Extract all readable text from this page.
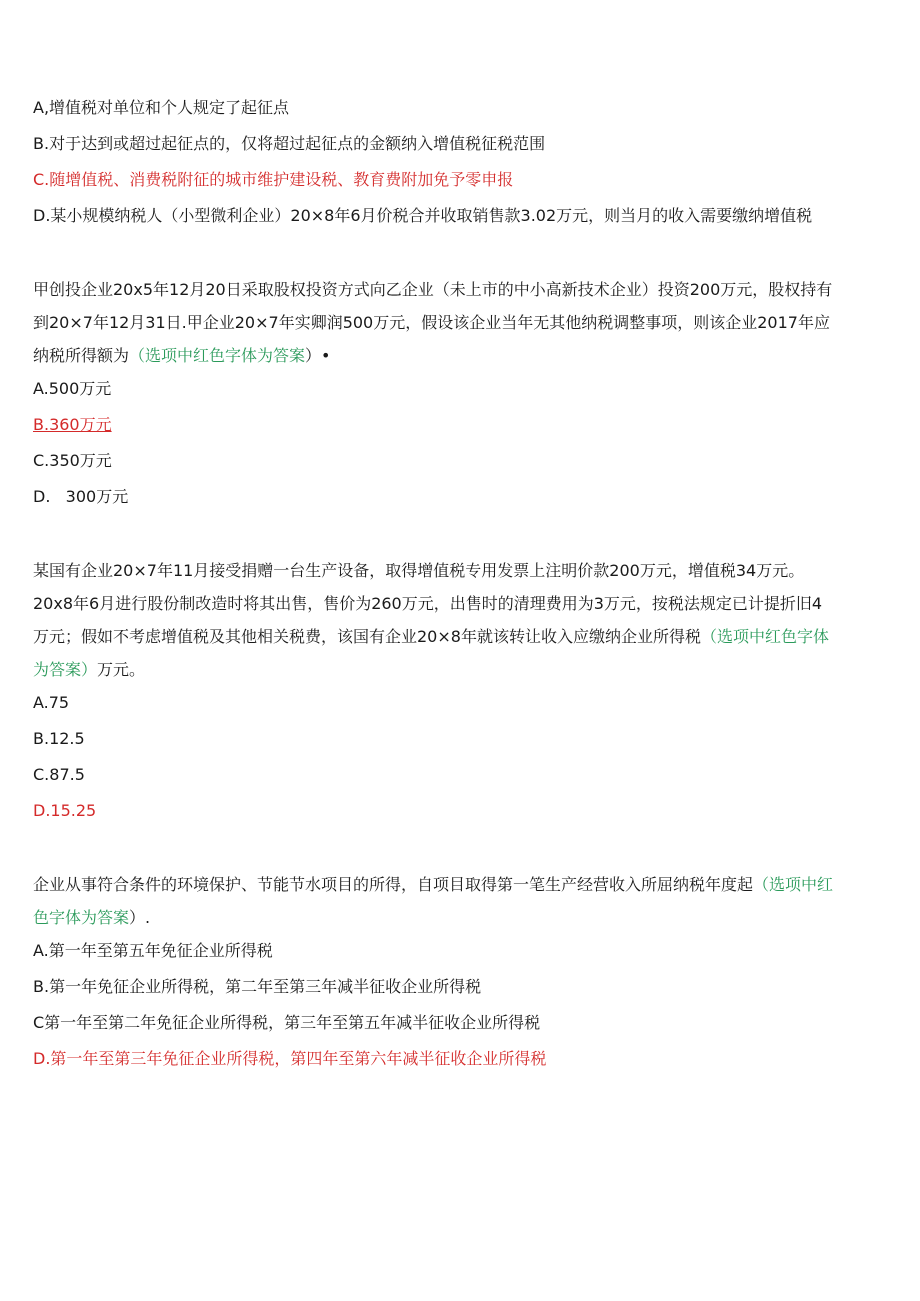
A,增值税对单位和个人规定了起征点
B.对于达到或超过起征点的，仅将超过起征点的金额纳入增值税征税范围
C.随增值税、消费税附征的城市维护建设税、教育费附加免予零申报
D.某小规模纳税人（小型微利企业）20×8年6月价税合并收取销售款3.02万元，则当月的收入需要缴纳增值税
甲创投企业20x5年12月20日采取股权投资方式向乙企业（未上市的中小高新技术企业）投资200万元，股权持有
到20×7年12月31日.甲企业20×7年实卿润500万元，假设该企业当年无其他纳税调整事项，则该企业2017年应
纳税所得额为（选项中红色字体为答案）•
A.500万元
B.360万元
C.350万元
D.   300万元
某国有企业20×7年11月接受捐赠一台生产设备，取得增值税专用发票上注明价款200万元，增值税34万元。
20x8年6月进行股份制改造时将其出售，售价为260万元，出售时的清理费用为3万元，按税法规定已计提折旧4
万元；假如不考虑增值税及其他相关税费，该国有企业20×8年就该转让收入应缴纳企业所得税（选项中红色字体
为答案）万元。
A.75
B.12.5
C.87.5
D.15.25
企业从事符合条件的环境保护、节能节水项目的所得，自项目取得第一笔生产经营收入所屈纳税年度起（选项中红
色字体为答案）.
A.第一年至第五年免征企业所得税
B.第一年免征企业所得税，第二年至第三年减半征收企业所得税
C第一年至第二年免征企业所得税，第三年至第五年减半征收企业所得税
D.第一年至第三年免征企业所得税，第四年至第六年减半征收企业所得税
